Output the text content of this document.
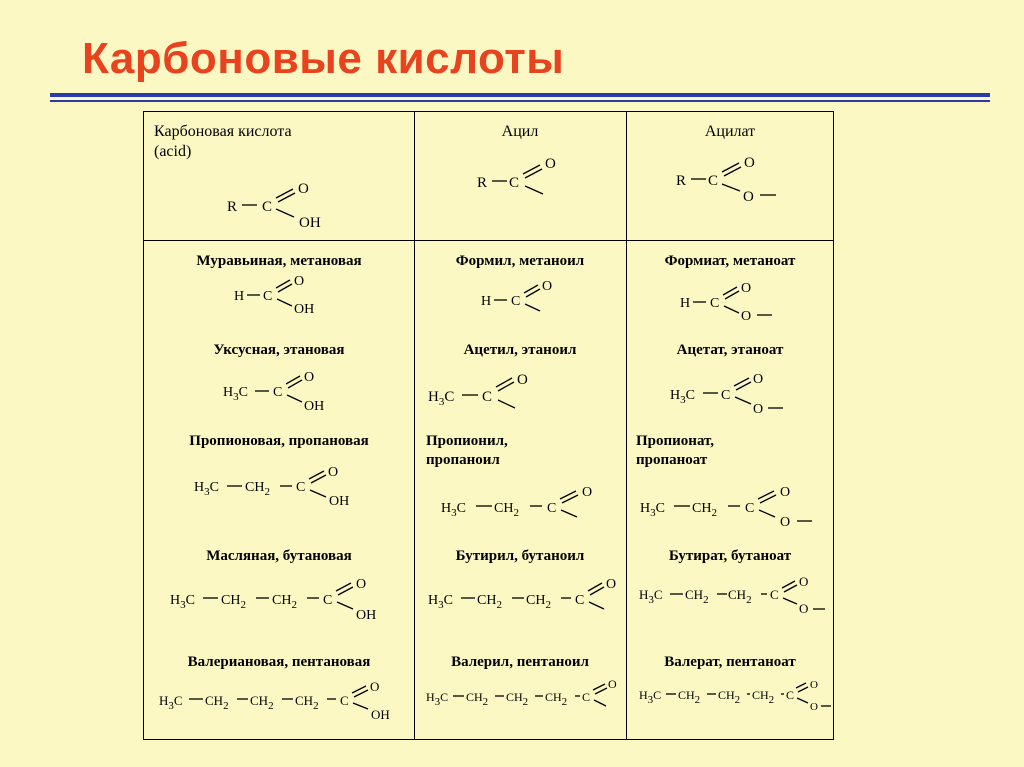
Карбоновые кислоты
Карбоновая кислота
(acid)
Ацил	Ацилат
Муравьиная, метановая
Уксусная, этановая
Пропионовая, пропановая
Масляная, бутановая
Валериановая, пентановая
Формил, метаноил
Ацетил, этаноил
Пропионил,
пропаноил
Бутирил, бутаноил
Валерил, пентаноил
Формиат, метаноат
Ацетат, этаноат
Пропионат,
пропаноат
Бутират, бутаноат
Валерат, пентаноат
R C
O
OH
R C
O
R C
O
O
H C
O
OH
H C
O
H C
O
O
$H_3C$ C
O
OH
$H_3C$ C
O
$H_3C$ C
O
O
$H_3C$ $CH_2$ C
O
OH	$H_3C$ $CH_2$ C
O
$H_3C$ $CH_2$ C
O
O
$H_3C$ $CH_2$ $CH_2$ C
O
OH
$H_3C$ $CH_2$ $CH_2$ C
O
$H_3C$ $CH_2$ $CH_2$ C
O
O
$H_3C$ $CH_2$ $CH_2$ $CH_2$ C
O
OH
H3C CH2 CH2 CH2 C
O
H3C CH2 CH2 CH2 C
O
O
